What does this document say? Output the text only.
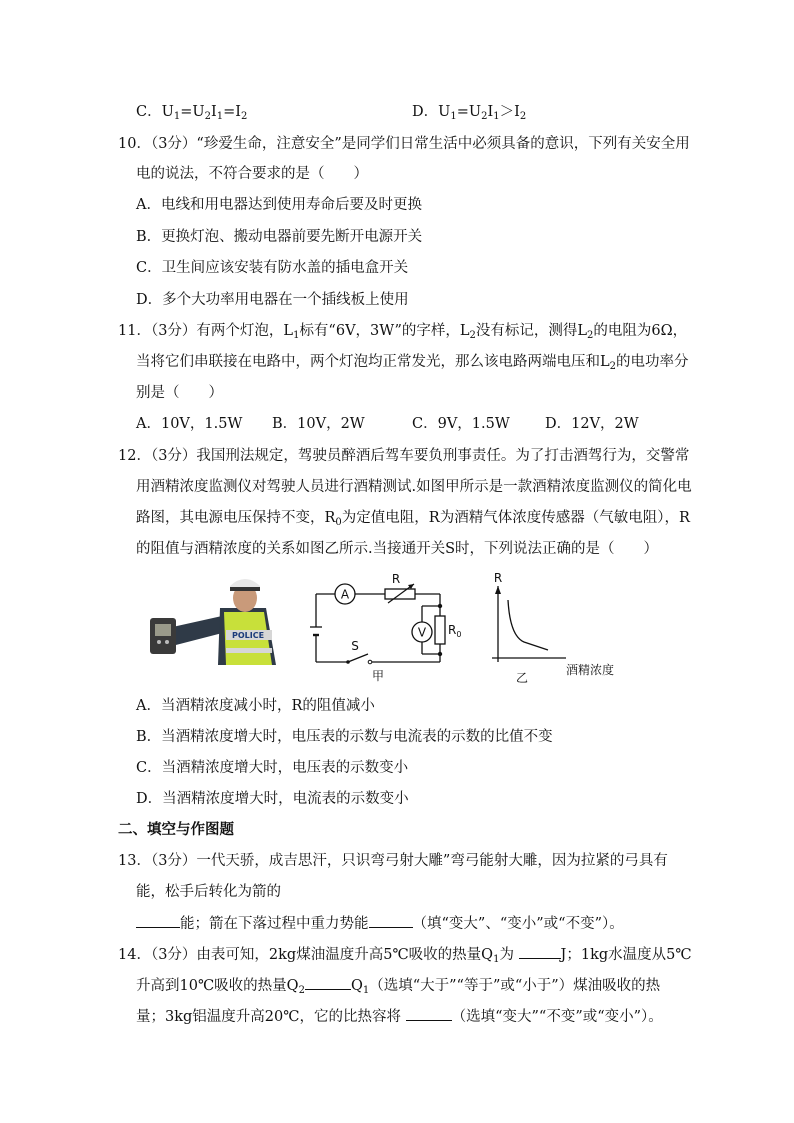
C．$U_1=U_2I_1=I_2$	D．$U_1=U_2I_1>I_2$
10．（3分）“珍爱生命，注意安全”是同学们日常生活中必须具备的意识，下列有关安全用
电的说法，不符合要求的是（　　）
A．电线和用电器达到使用寿命后要及时更换
B．更换灯泡、搬动电器前要先断开电源开关
C．卫生间应该安装有防水盖的插电盒开关
D．多个大功率用电器在一个插线板上使用
11．（3分）有两个灯泡，$L_1$标有“6V，3W”的字样，$L_2$没有标记，测得$L_2$的电阻为6Ω，
当将它们串联接在电路中，两个灯泡均正常发光，那么该电路两端电压和$L_2$的电功率分
别是（　　）
A．10V，1.5W B．10V，2W	C．9V，1.5W D．12V，2W
12．（3分）我国刑法规定，驾驶员醉酒后驾车要负刑事责任。为了打击酒驾行为，交警常
用酒精浓度监测仪对驾驶人员进行酒精测试.如图甲所示是一款酒精浓度监测仪的简化电
路图，其电源电压保持不变，$R_0$为定值电阻，R为酒精气体浓度传感器（气敏电阻），R
的阻值与酒精浓度的关系如图乙所示.当接通开关S时，下列说法正确的是（　　）
POLICE
A
R
$R_0$
V
S
甲
R
酒精浓度
乙
A．当酒精浓度减小时，R的阻值减小
B．当酒精浓度增大时，电压表的示数与电流表的示数的比值不变
C．当酒精浓度增大时，电压表的示数变小
D．当酒精浓度增大时，电流表的示数变小
二、填空与作图题
13．（3分）一代天骄，成吉思汗，只识弯弓射大雕”弯弓能射大雕，因为拉紧的弓具有
能，松手后转化为箭的
能；箭在下落过程中重力势能	（填“变大”、“变小”或“不变”）。
14．（3分）由表可知，2kg煤油温度升高5℃吸收的热量$Q_1$为	J；1kg水温度从5℃
升高到10℃吸收的热量$Q_2$	$Q_1$（选填“大于”“等于”或“小于”）煤油吸收的热
量；3kg铝温度升高20℃，它的比热容将	（选填“变大”“不变”或“变小”）。
